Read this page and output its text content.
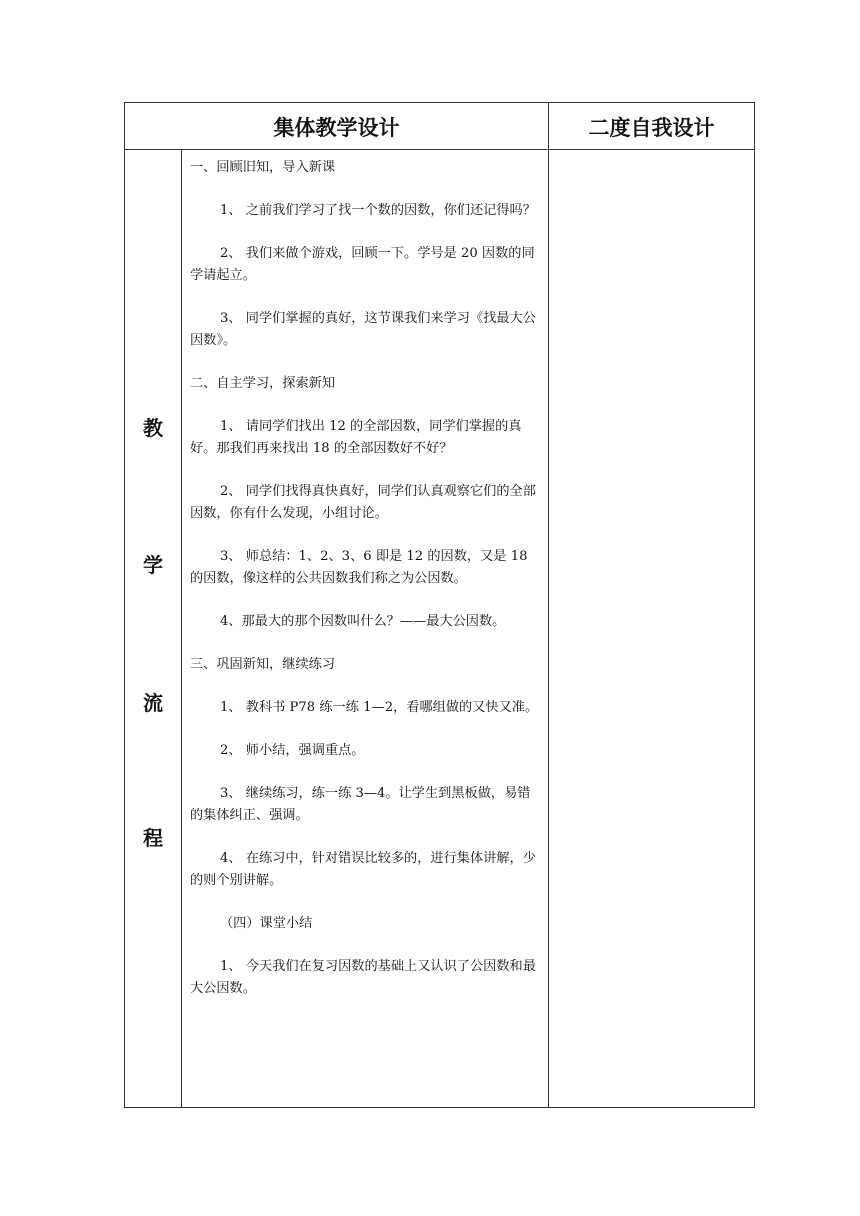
集体教学设计	二度自我设计
教
学
流
程

一、回顾旧知，导入新课

1、 之前我们学习了找一个数的因数，你们还记得吗？

2、 我们来做个游戏，回顾一下。学号是 20 因数的同学请起立。

3、 同学们掌握的真好，这节课我们来学习《找最大公因数》。

二、自主学习，探索新知

1、 请同学们找出 12 的全部因数，同学们掌握的真好。那我们再来找出 18 的全部因数好不好？

2、 同学们找得真快真好，同学们认真观察它们的全部因数，你有什么发现，小组讨论。

3、 师总结：1、2、3、6 即是 12 的因数，又是 18 的因数，像这样的公共因数我们称之为公因数。

4、那最大的那个因数叫什么？——最大公因数。

三、巩固新知，继续练习

1、 教科书 P78 练一练 1—2，看哪组做的又快又准。

2、 师小结，强调重点。

3、 继续练习，练一练 3—4。让学生到黑板做，易错的集体纠正、强调。

4、 在练习中，针对错误比较多的，进行集体讲解，少的则个别讲解。

（四）课堂小结

1、 今天我们在复习因数的基础上又认识了公因数和最大公因数。
